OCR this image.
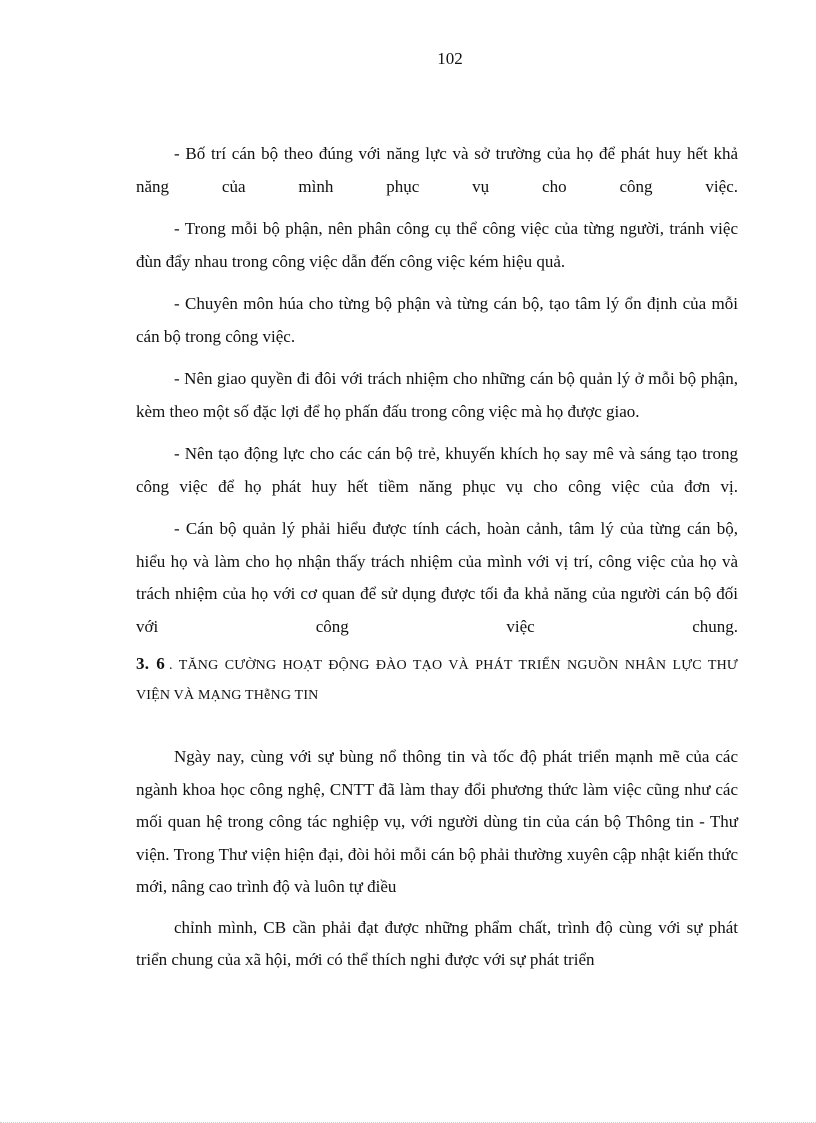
102

- Bố trí cán bộ theo đúng với năng lực và sở trường của họ để phát huy hết khả năng của mình phục vụ cho công việc.

- Trong mỗi bộ phận, nên phân công cụ thể công việc của từng người, tránh việc đùn đẩy nhau trong công việc dẫn đến công việc kém hiệu quả.

- Chuyên môn húa cho từng bộ phận và từng cán bộ, tạo tâm lý ổn định của mỗi cán bộ trong công việc.

- Nên giao quyền đi đôi với trách nhiệm cho những cán bộ quản lý ở mỗi bộ phận, kèm theo một số đặc lợi để họ phấn đấu trong công việc mà họ được giao.

- Nên tạo động lực cho các cán bộ trẻ, khuyến khích họ say mê và sáng tạo trong công việc để họ phát huy hết tiềm năng phục vụ cho công việc của đơn vị.

- Cán bộ quản lý phải hiểu được tính cách, hoàn cảnh, tâm lý của từng cán bộ, hiểu họ và làm cho họ nhận thấy trách nhiệm của mình với vị trí, công việc của họ và trách nhiệm của họ với cơ quan để sử dụng được tối đa khả năng của người cán bộ đối với công việc chung.

3. 6 . TĂNG CƯỜNG HOẠT ĐỘNG ĐÀO TẠO VÀ PHÁT TRIỂN NGUỒN NHÂN LỰC THƯ VIỆN VÀ MẠNG THễNG TIN

Ngày nay, cùng với sự bùng nổ thông tin và tốc độ phát triển mạnh mẽ của các ngành khoa học công nghệ, CNTT đã làm thay đổi phương thức làm việc cũng như các mối quan hệ trong công tác nghiệp vụ, với người dùng tin của cán bộ Thông tin - Thư viện. Trong Thư viện hiện đại, đòi hỏi mỗi cán bộ phải thường xuyên cập nhật kiến thức mới, nâng cao trình độ và luôn tự điều

chỉnh mình, CB cần phải đạt được những phẩm chất, trình độ cùng với sự phát triển chung của xã hội, mới có thể thích nghi được với sự phát triển
